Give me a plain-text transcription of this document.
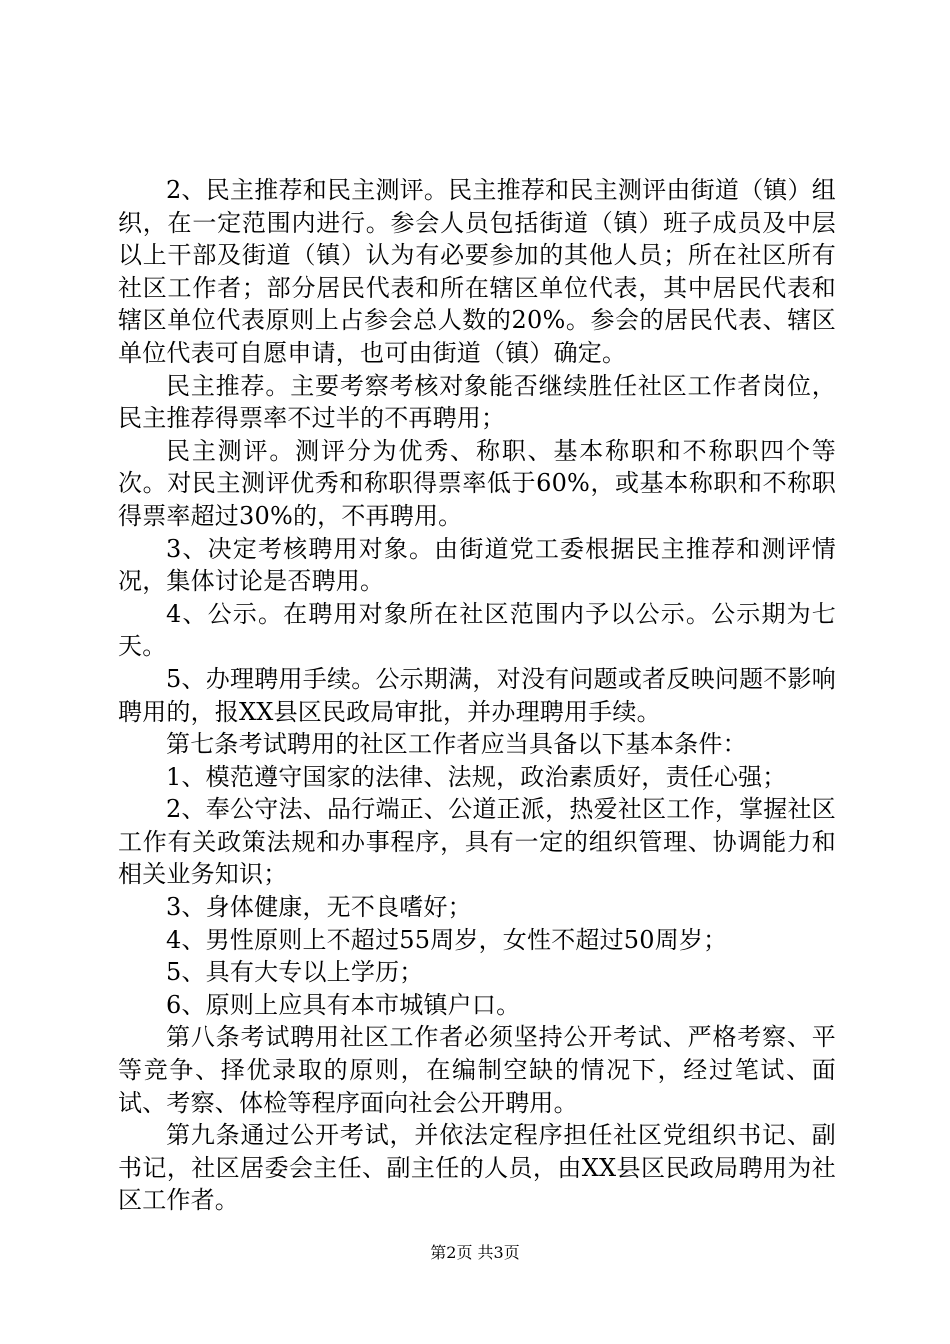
2、民主推荐和民主测评。民主推荐和民主测评由街道（镇）组织，在一定范围内进行。参会人员包括街道（镇）班子成员及中层以上干部及街道（镇）认为有必要参加的其他人员；所在社区所有社区工作者；部分居民代表和所在辖区单位代表，其中居民代表和辖区单位代表原则上占参会总人数的20%。参会的居民代表、辖区单位代表可自愿申请，也可由街道（镇）确定。

民主推荐。主要考察考核对象能否继续胜任社区工作者岗位，民主推荐得票率不过半的不再聘用；

民主测评。测评分为优秀、称职、基本称职和不称职四个等次。对民主测评优秀和称职得票率低于60%，或基本称职和不称职得票率超过30%的，不再聘用。

3、决定考核聘用对象。由街道党工委根据民主推荐和测评情况，集体讨论是否聘用。

4、公示。在聘用对象所在社区范围内予以公示。公示期为七天。

5、办理聘用手续。公示期满，对没有问题或者反映问题不影响聘用的，报XX县区民政局审批，并办理聘用手续。

第七条考试聘用的社区工作者应当具备以下基本条件：

1、模范遵守国家的法律、法规，政治素质好，责任心强；

2、奉公守法、品行端正、公道正派，热爱社区工作，掌握社区工作有关政策法规和办事程序，具有一定的组织管理、协调能力和相关业务知识；

3、身体健康，无不良嗜好；

4、男性原则上不超过55周岁，女性不超过50周岁；

5、具有大专以上学历；

6、原则上应具有本市城镇户口。

第八条考试聘用社区工作者必须坚持公开考试、严格考察、平等竞争、择优录取的原则，在编制空缺的情况下，经过笔试、面试、考察、体检等程序面向社会公开聘用。

第九条通过公开考试，并依法定程序担任社区党组织书记、副书记，社区居委会主任、副主任的人员，由XX县区民政局聘用为社区工作者。

第2页 共3页
